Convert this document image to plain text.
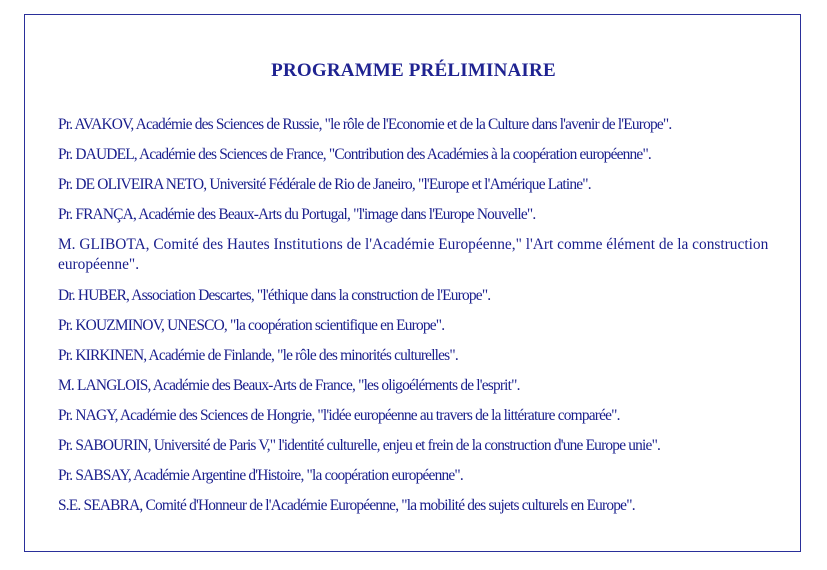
PROGRAMME PRÉLIMINAIRE
Pr. AVAKOV, Académie des Sciences de Russie, "le rôle de l'Economie et de la Culture dans l'avenir de l'Europe".
Pr. DAUDEL, Académie des Sciences de France, "Contribution des Académies à la coopération européenne".
Pr. DE OLIVEIRA NETO, Université Fédérale de Rio de Janeiro, "l'Europe et l'Amérique Latine".
Pr. FRANÇA, Académie des Beaux-Arts du Portugal, "l'image dans l'Europe Nouvelle".
M. GLIBOTA, Comité des Hautes Institutions de l'Académie Européenne," l'Art comme élément de la construction européenne".
Dr. HUBER, Association Descartes, "l'éthique dans la construction de l'Europe".
Pr. KOUZMINOV, UNESCO, "la coopération scientifique en Europe".
Pr. KIRKINEN, Académie de Finlande, "le rôle des minorités culturelles".
M. LANGLOIS, Académie des Beaux-Arts de France, "les oligoéléments de l'esprit".
Pr. NAGY, Académie des Sciences de Hongrie, "l'idée européenne au travers de la littérature comparée".
Pr. SABOURIN, Université de Paris V," l'identité culturelle, enjeu et frein de la construction d'une Europe unie".
Pr. SABSAY, Académie Argentine d'Histoire, "la coopération européenne".
S.E. SEABRA, Comité d'Honneur de l'Académie Européenne, "la mobilité des sujets culturels en Europe".
